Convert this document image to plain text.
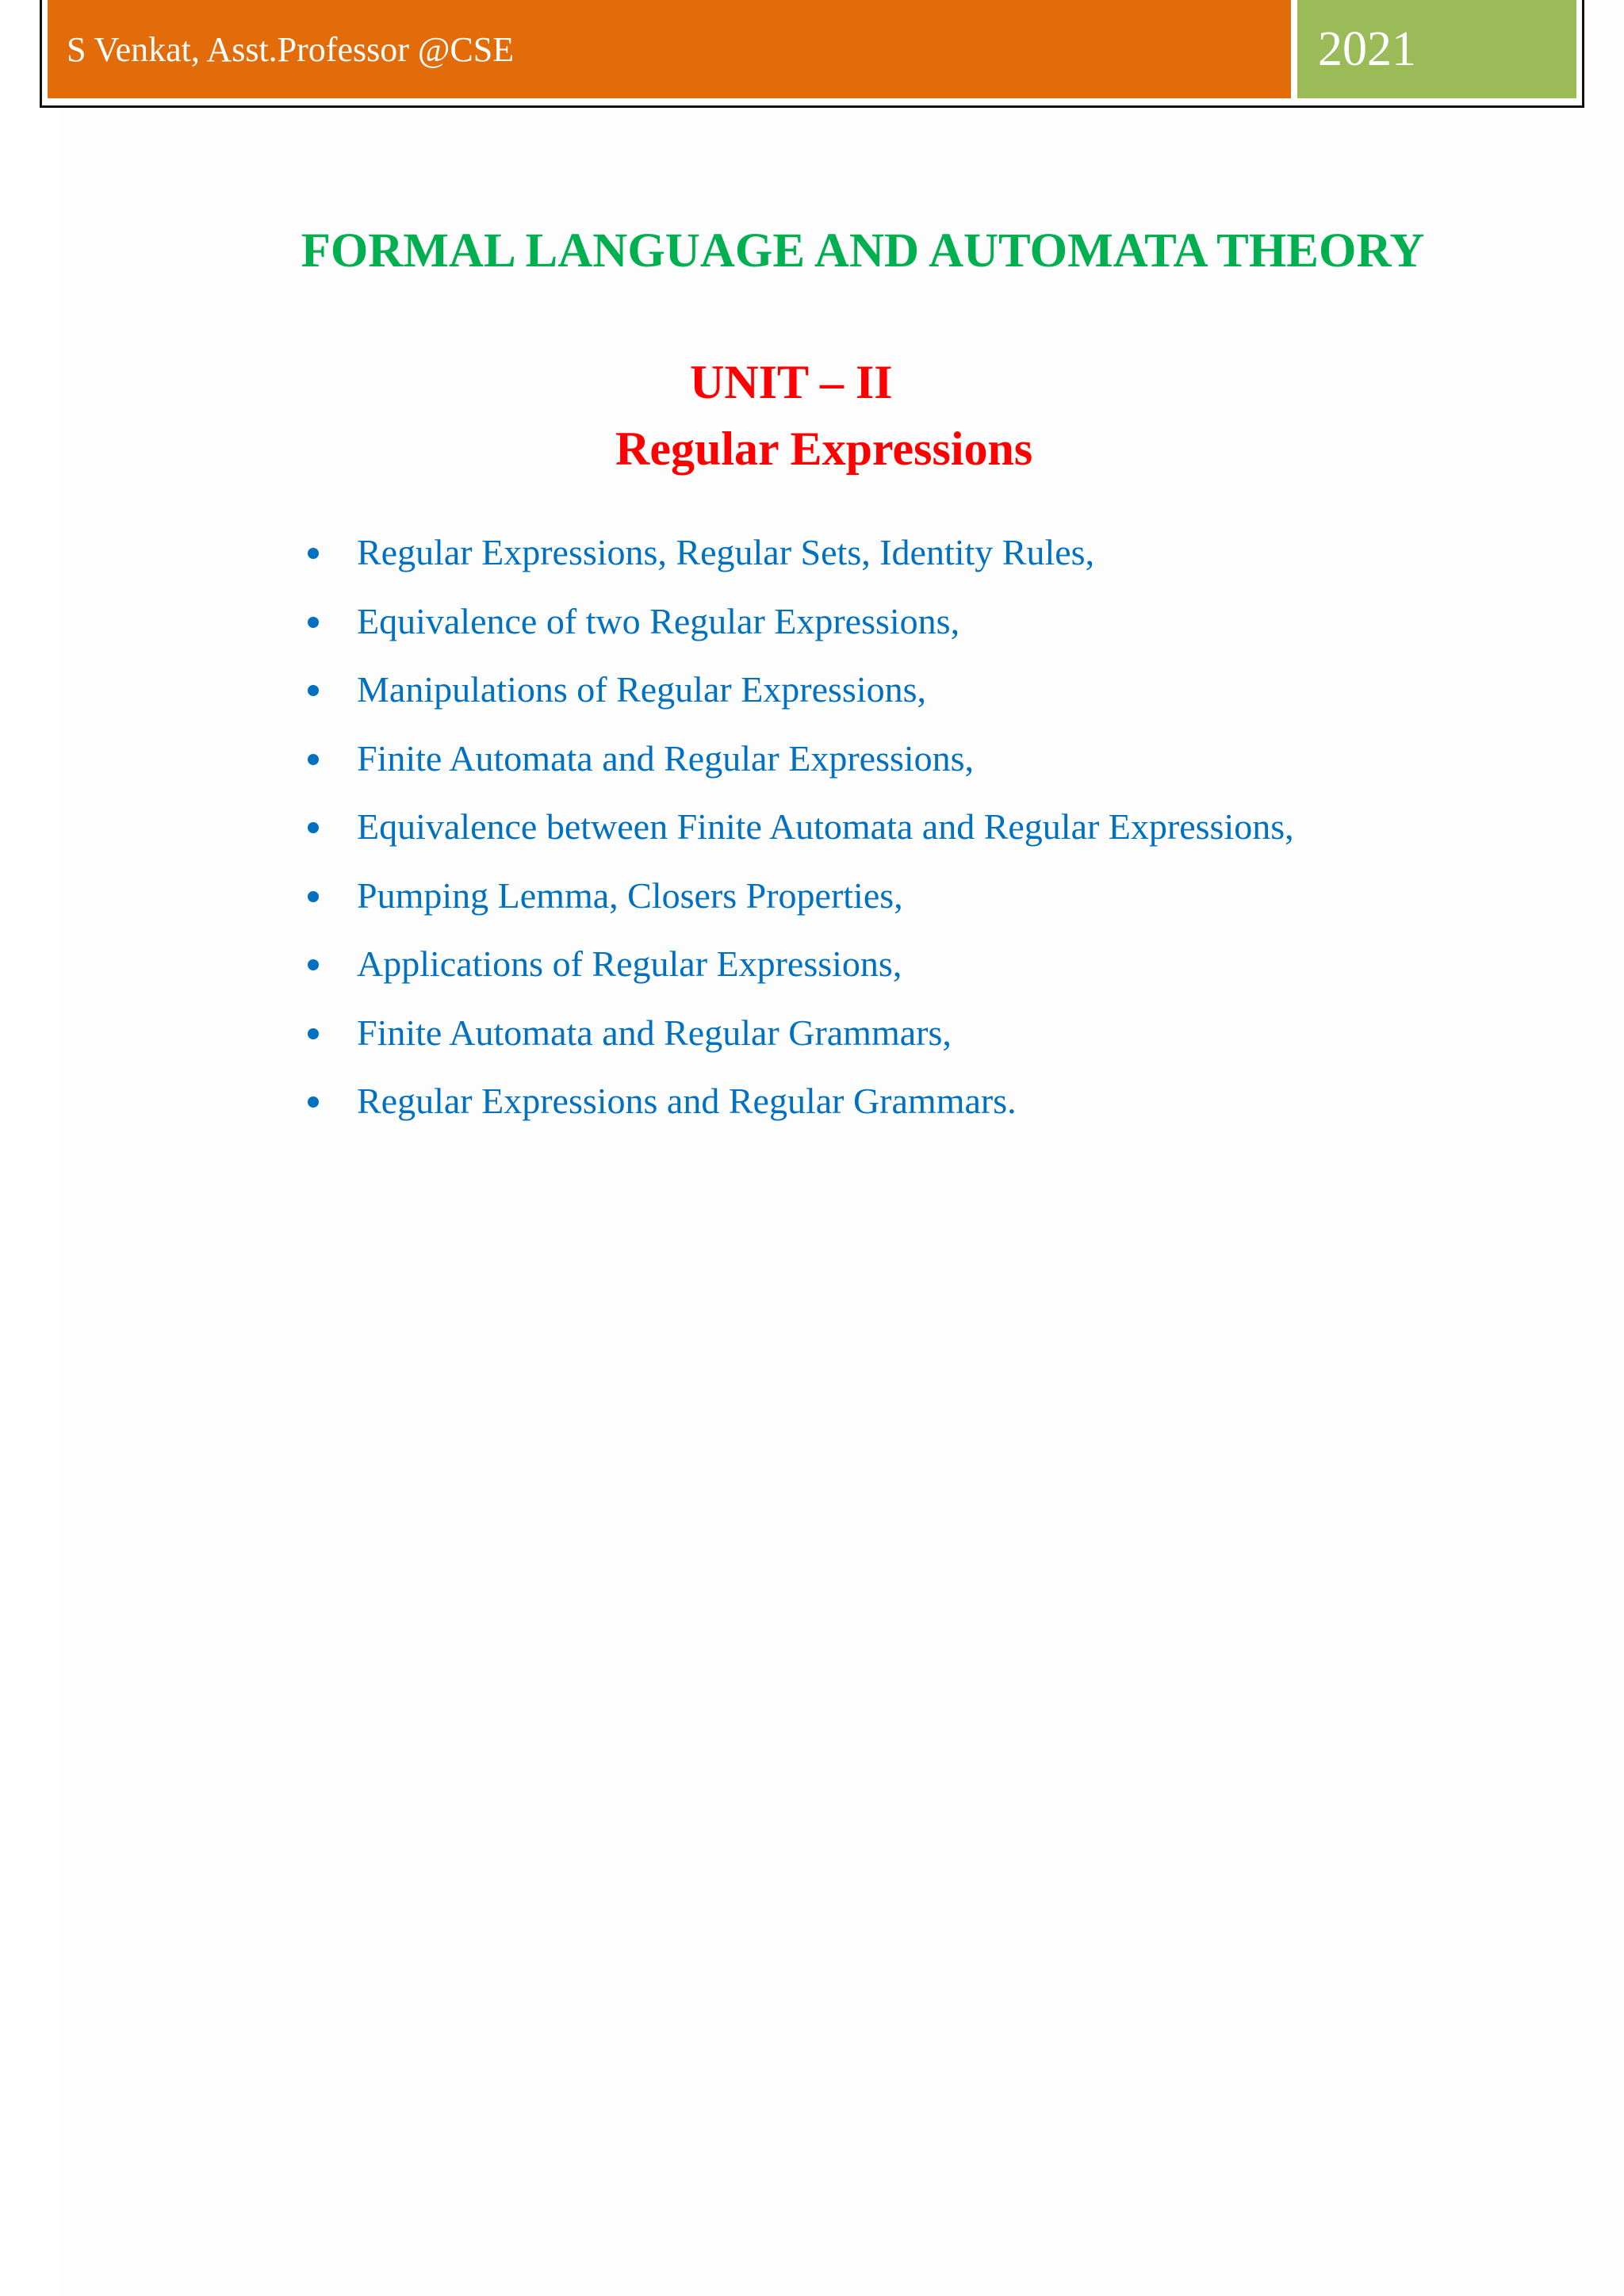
S Venkat, Asst.Professor @CSE	2021
FORMAL LANGUAGE AND AUTOMATA THEORY
UNIT – II
Regular Expressions
Regular Expressions, Regular Sets, Identity Rules,
Equivalence of two Regular Expressions,
Manipulations of Regular Expressions,
Finite Automata and Regular Expressions,
Equivalence between Finite Automata and Regular Expressions,
Pumping Lemma, Closers Properties,
Applications of Regular Expressions,
Finite Automata and Regular Grammars,
Regular Expressions and Regular Grammars.
